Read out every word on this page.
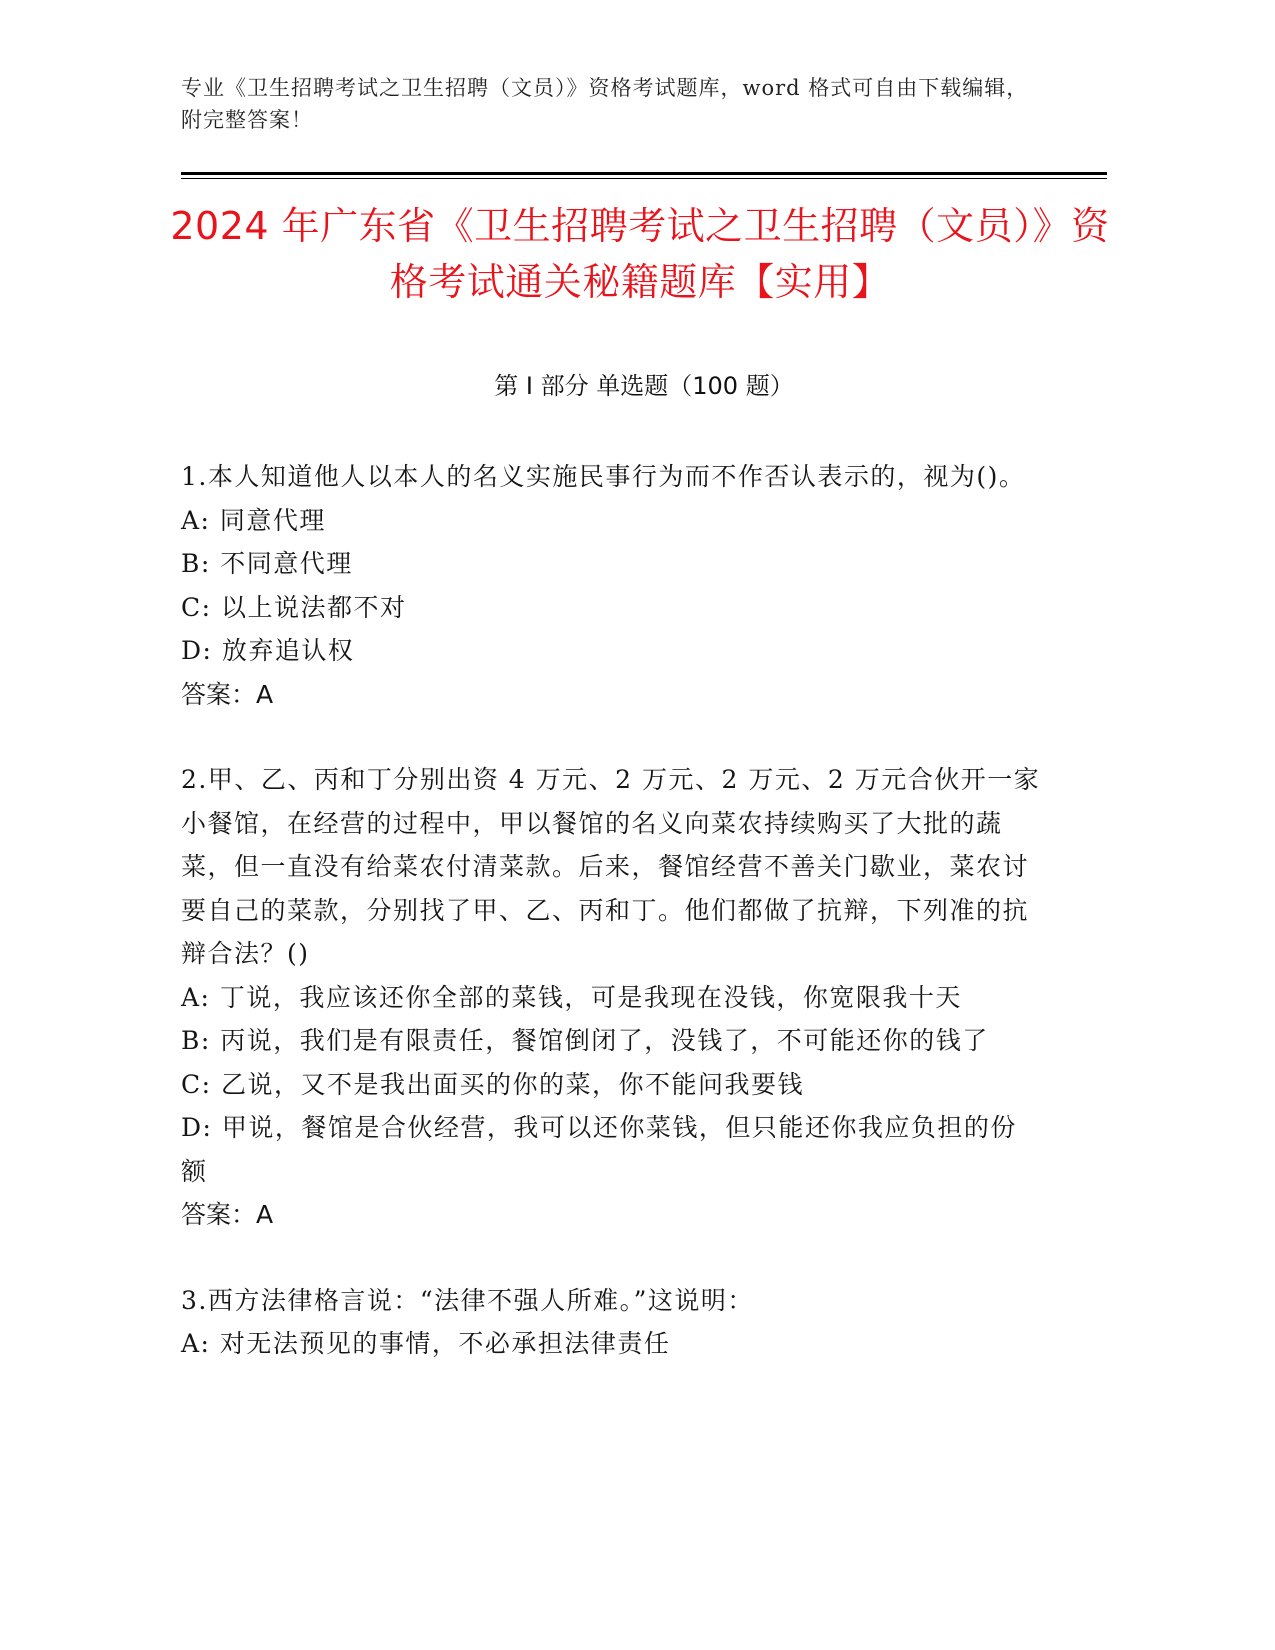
专业《卫生招聘考试之卫生招聘（文员）》资格考试题库，word 格式可自由下载编辑，附完整答案！
2024 年广东省《卫生招聘考试之卫生招聘（文员）》资格考试通关秘籍题库【实用】
第 I 部分 单选题（100 题）
1.本人知道他人以本人的名义实施民事行为而不作否认表示的，视为()。
A: 同意代理
B: 不同意代理
C: 以上说法都不对
D: 放弃追认权
答案：A
2.甲、乙、丙和丁分别出资 4 万元、2 万元、2 万元、2 万元合伙开一家小餐馆，在经营的过程中，甲以餐馆的名义向菜农持续购买了大批的蔬菜，但一直没有给菜农付清菜款。后来，餐馆经营不善关门歇业，菜农讨要自己的菜款，分别找了甲、乙、丙和丁。他们都做了抗辩，下列准的抗辩合法？()
A: 丁说，我应该还你全部的菜钱，可是我现在没钱，你宽限我十天
B: 丙说，我们是有限责任，餐馆倒闭了，没钱了，不可能还你的钱了
C: 乙说，又不是我出面买的你的菜，你不能问我要钱
D: 甲说，餐馆是合伙经营，我可以还你菜钱，但只能还你我应负担的份额
答案：A
3.西方法律格言说：“法律不强人所难。”这说明：
A: 对无法预见的事情，不必承担法律责任
